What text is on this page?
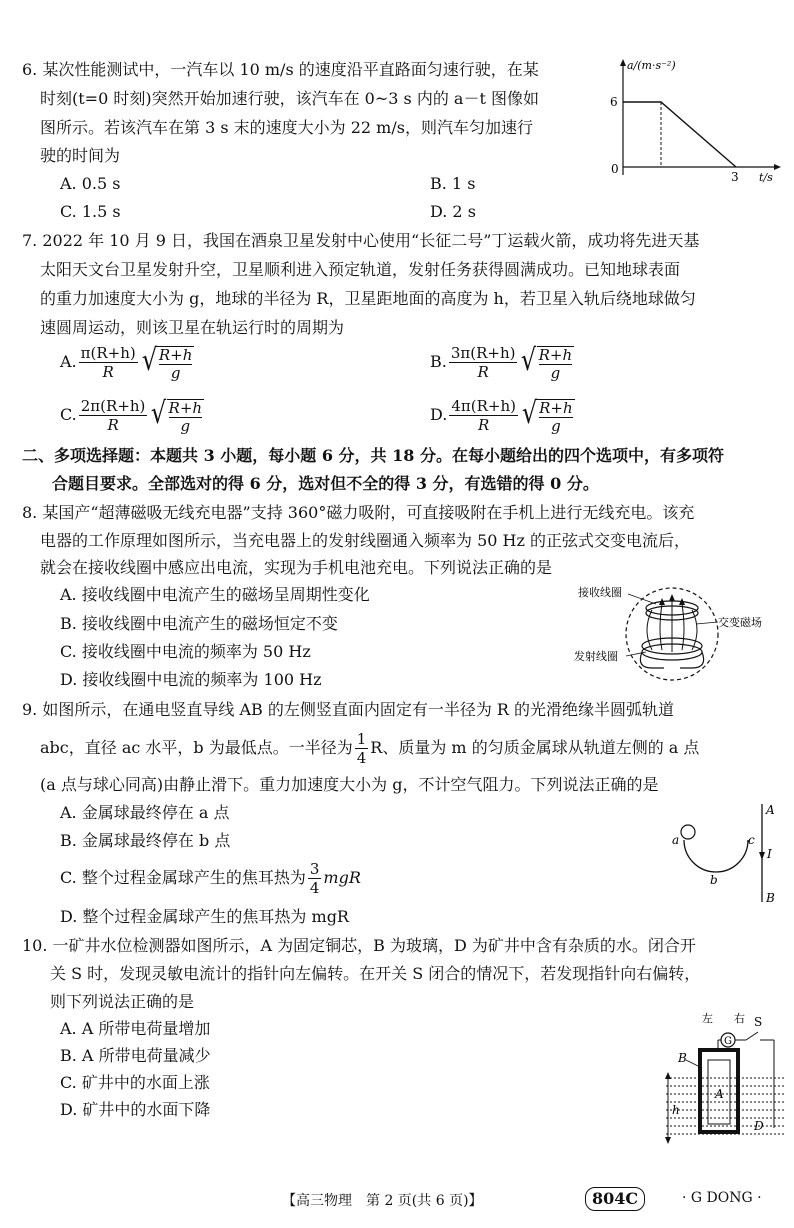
6. 某次性能测试中，一汽车以 10 m/s 的速度沿平直路面匀速行驶，在某
时刻(t=0 时刻)突然开始加速行驶，该汽车在 0~3 s 内的 a－t 图像如
图所示。若该汽车在第 3 s 末的速度大小为 22 m/s，则汽车匀加速行
驶的时间为
A. 0.5 s	B. 1 s
C. 1.5 s	D. 2 s
a/(m·s⁻²)
6
0
3 t/s
7. 2022 年 10 月 9 日，我国在酒泉卫星发射中心使用“长征二号”丁运载火箭，成功将先进天基
太阳天文台卫星发射升空，卫星顺利进入预定轨道，发射任务获得圆满成功。已知地球表面
的重力加速度大小为 g，地球的半径为 R，卫星距地面的高度为 h，若卫星入轨后绕地球做匀
速圆周运动，则该卫星在轨运行时的周期为
A. $\frac{\pi(R+h)}{R}$ √ $\frac{R+h}{g}$	B. $\frac{3\pi(R+h)}{R}$ √ $\frac{R+h}{g}$
C. $\frac{2\pi(R+h)}{R}$ √ $\frac{R+h}{g}$	D. $\frac{4\pi(R+h)}{R}$ √ $\frac{R+h}{g}$
二、多项选择题：本题共 3 小题，每小题 6 分，共 18 分。在每小题给出的四个选项中，有多项符
合题目要求。全部选对的得 6 分，选对但不全的得 3 分，有选错的得 0 分。
8. 某国产“超薄磁吸无线充电器”支持 360°磁力吸附，可直接吸附在手机上进行无线充电。该充
电器的工作原理如图所示，当充电器上的发射线圈通入频率为 50 Hz 的正弦式交变电流后，
就会在接收线圈中感应出电流，实现为手机电池充电。下列说法正确的是
A. 接收线圈中电流产生的磁场呈周期性变化
B. 接收线圈中电流产生的磁场恒定不变
C. 接收线圈中电流的频率为 50 Hz
D. 接收线圈中电流的频率为 100 Hz
接收线圈
交变磁场
发射线圈
9. 如图所示，在通电竖直导线 AB 的左侧竖直面内固定有一半径为 R 的光滑绝缘半圆弧轨道
abc，直径 ac 水平，b 为最低点。一半径为 $\frac{1}{4}$ R、质量为 m 的匀质金属球从轨道左侧的 a 点
(a 点与球心同高)由静止滑下。重力加速度大小为 g，不计空气阻力。下列说法正确的是
A. 金属球最终停在 a 点
B. 金属球最终停在 b 点
C. 整个过程金属球产生的焦耳热为 $\frac{3}{4}$ mgR
D. 整个过程金属球产生的焦耳热为 mgR
a	c
b
A
I
B
10. 一矿井水位检测器如图所示，A 为固定铜芯，B 为玻璃，D 为矿井中含有杂质的水。闭合开
关 S 时，发现灵敏电流计的指针向左偏转。在开关 S 闭合的情况下，若发现指针向右偏转，
则下列说法正确的是
A. A 所带电荷量增加
B. A 所带电荷量减少
C. 矿井中的水面上涨
D. 矿井中的水面下降
左 右 S
G
A
B
D
h
【高三物理　第 2 页(共 6 页)】	804C	· G DONG ·
